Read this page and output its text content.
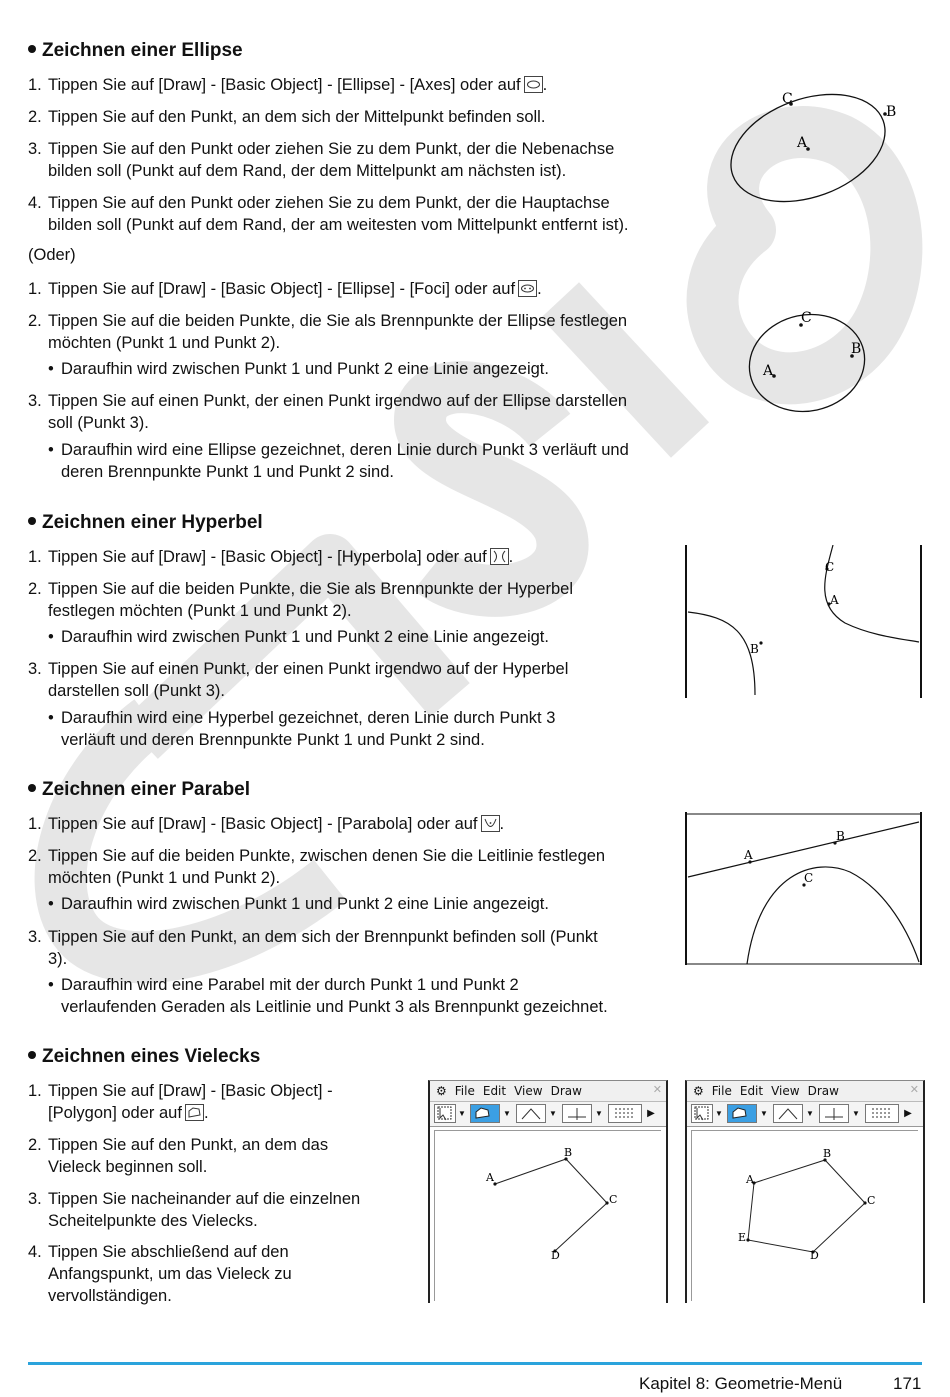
Zeichnen einer Ellipse
1. Tippen Sie auf [Draw] - [Basic Object] - [Ellipse] - [Axes] oder auf .
2. Tippen Sie auf den Punkt, an dem sich der Mittelpunkt befinden soll.
3. Tippen Sie auf den Punkt oder ziehen Sie zu dem Punkt, der die Nebenachse
bilden soll (Punkt auf dem Rand, der dem Mittelpunkt am nächsten ist).
4. Tippen Sie auf den Punkt oder ziehen Sie zu dem Punkt, der die Hauptachse
bilden soll (Punkt auf dem Rand, der am weitesten vom Mittelpunkt entfernt ist).
(Oder)
1. Tippen Sie auf [Draw] - [Basic Object] - [Ellipse] - [Foci] oder auf .
2. Tippen Sie auf die beiden Punkte, die Sie als Brennpunkte der Ellipse festlegen
möchten (Punkt 1 und Punkt 2).
• Daraufhin wird zwischen Punkt 1 und Punkt 2 eine Linie angezeigt.
3. Tippen Sie auf einen Punkt, der einen Punkt irgendwo auf der Ellipse darstellen
soll (Punkt 3).
• Daraufhin wird eine Ellipse gezeichnet, deren Linie durch Punkt 3 verläuft und
deren Brennpunkte Punkt 1 und Punkt 2 sind.
A
C
B
A
B
C
Zeichnen einer Hyperbel
1. Tippen Sie auf [Draw] - [Basic Object] - [Hyperbola] oder auf .
2. Tippen Sie auf die beiden Punkte, die Sie als Brennpunkte der Hyperbel
festlegen möchten (Punkt 1 und Punkt 2).
• Daraufhin wird zwischen Punkt 1 und Punkt 2 eine Linie angezeigt.
3. Tippen Sie auf einen Punkt, der einen Punkt irgendwo auf der Hyperbel
darstellen soll (Punkt 3).
• Daraufhin wird eine Hyperbel gezeichnet, deren Linie durch Punkt 3
verläuft und deren Brennpunkte Punkt 1 und Punkt 2 sind.
A
B
C
Zeichnen einer Parabel
1. Tippen Sie auf [Draw] - [Basic Object] - [Parabola] oder auf .
2. Tippen Sie auf die beiden Punkte, zwischen denen Sie die Leitlinie festlegen
möchten (Punkt 1 und Punkt 2).
• Daraufhin wird zwischen Punkt 1 und Punkt 2 eine Linie angezeigt.
3. Tippen Sie auf den Punkt, an dem sich der Brennpunkt befinden soll (Punkt
3).
• Daraufhin wird eine Parabel mit der durch Punkt 1 und Punkt 2
verlaufenden Geraden als Leitlinie und Punkt 3 als Brennpunkt gezeichnet.
A
B
C
Zeichnen eines Vielecks
1. Tippen Sie auf [Draw] - [Basic Object] -
[Polygon] oder auf .
2. Tippen Sie auf den Punkt, an dem das
Vieleck beginnen soll.
3. Tippen Sie nacheinander auf die einzelnen
Scheitelpunkte des Vielecks.
4. Tippen Sie abschließend auf den
Anfangspunkt, um das Vieleck zu
vervollständigen.
⚙ File Edit View Draw	✕
▼	▼	▼	▼	▶
A
B
C
D
⚙ File Edit View Draw	✕
▼	▼	▼	▼	▶
A
B
C
D
E
Kapitel 8: Geometrie-Menü	171
